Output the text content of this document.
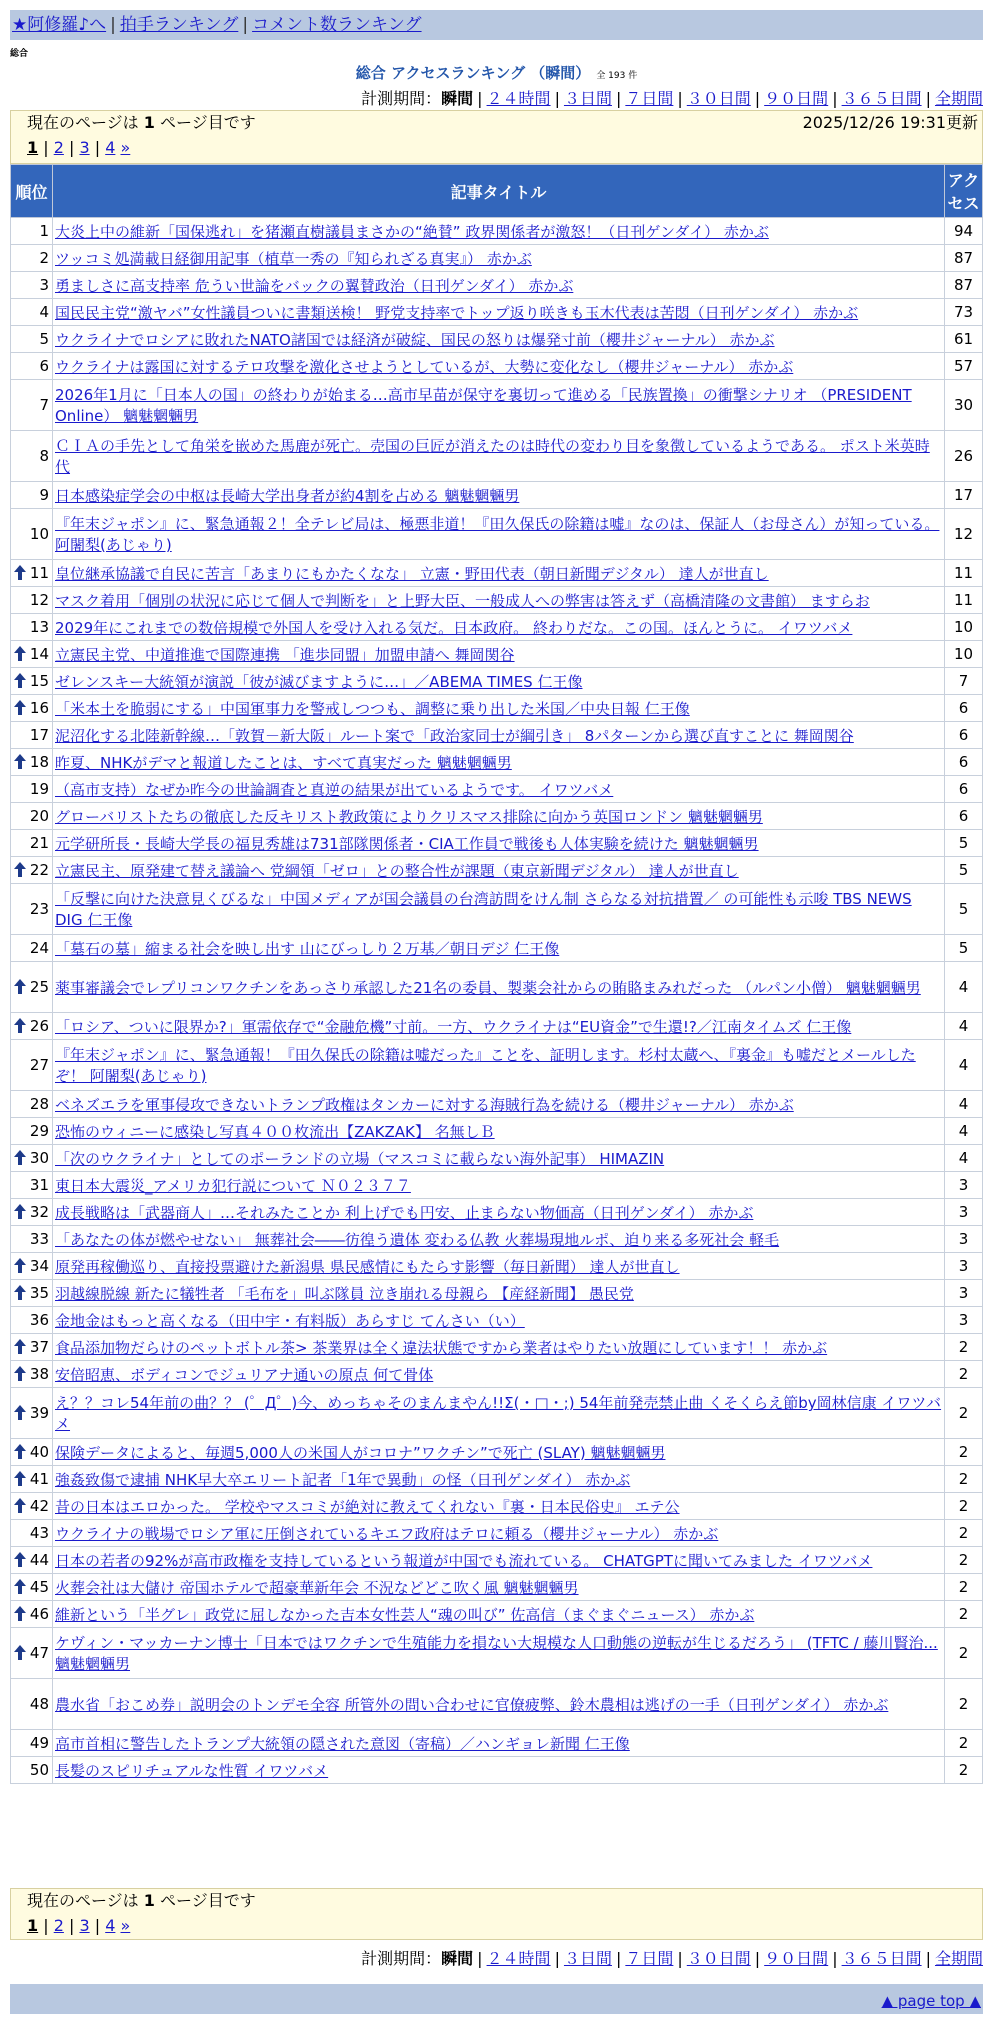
★阿修羅♪へ | 拍手ランキング | コメント数ランキング
総合
総合 アクセスランキング （瞬間） 全 193 件
計測期間：瞬間 | ２４時間 | ３日間 | ７日間 | ３０日間 | ９０日間 | ３６５日間 | 全期間
現在のページは 1 ページ目です	2025/12/26 19:31更新
1 | 2 | 3 | 4 »
順位	記事タイトル	アクセス
1	大炎上中の維新「国保逃れ」を猪瀬直樹議員まさかの“絶賛” 政界関係者が激怒！（日刊ゲンダイ） 赤かぶ	94
2	ツッコミ処満載日経御用記事（植草一秀の『知られざる真実』） 赤かぶ	87
3	勇ましさに高支持率 危うい世論をバックの翼賛政治（日刊ゲンダイ） 赤かぶ	87
4	国民民主党“激ヤバ”女性議員ついに書類送検！ 野党支持率でトップ返り咲きも玉木代表は苦悶（日刊ゲンダイ） 赤かぶ	73
5	ウクライナでロシアに敗れたNATO諸国では経済が破綻、国民の怒りは爆発寸前（櫻井ジャーナル） 赤かぶ	61
6	ウクライナは露国に対するテロ攻撃を激化させようとしているが、大勢に変化なし（櫻井ジャーナル） 赤かぶ	57
7	2026年1月に「日本人の国」の終わりが始まる…高市早苗が保守を裏切って進める「民族置換」の衝撃シナリオ （PRESIDENT Online） 魑魅魍魎男	30
8	ＣＩＡの手先として角栄を嵌めた馬鹿が死亡。売国の巨匠が消えたのは時代の変わり目を象徴しているようである。 ポスト米英時代	26
9	日本感染症学会の中枢は長崎大学出身者が約4割を占める 魑魅魍魎男	17
10	『年末ジャポン』に、緊急通報２！全テレビ局は、極悪非道！『田久保氏の除籍は嘘』なのは、保証人（お母さん）が知っている。 阿闍梨(あじゃり)	12

11	皇位継承協議で自民に苦言「あまりにもかたくなな」 立憲・野田代表（朝日新聞デジタル） 達人が世直し	11
12	マスク着用「個別の状況に応じて個人で判断を」と上野大臣、一般成人への弊害は答えず（高橋清隆の文書館） ますらお	11
13	2029年にこれまでの数倍規模で外国人を受け入れる気だ。日本政府。 終わりだな。この国。ほんとうに。 イワツバメ	10

14	立憲民主党、中道推進で国際連携 「進歩同盟」加盟申請へ 舞岡関谷	10

15	ゼレンスキー大統領が演説「彼が滅びますように…」／ABEMA TIMES 仁王像	7

16	「米本土を脆弱にする」中国軍事力を警戒しつつも、調整に乗り出した米国／中央日報 仁王像	6
17	泥沼化する北陸新幹線…「敦賀－新大阪」ルート案で「政治家同士が綱引き」 8パターンから選び直すことに 舞岡関谷	6

18	昨夏、NHKがデマと報道したことは、すべて真実だった 魑魅魍魎男	6
19	（高市支持）なぜか昨今の世論調査と真逆の結果が出ているようです。 イワツバメ	6
20	グローバリストたちの徹底した反キリスト教政策によりクリスマス排除に向かう英国ロンドン 魑魅魍魎男	6
21	元学研所長・長崎大学長の福見秀雄は731部隊関係者・CIA工作員で戦後も人体実験を続けた 魑魅魍魎男	5

22	立憲民主、原発建て替え議論へ 党綱領「ゼロ」との整合性が課題（東京新聞デジタル） 達人が世直し	5
23	「反撃に向けた決意見くびるな」中国メディアが国会議員の台湾訪問をけん制 さらなる対抗措置／ の可能性も示唆 TBS NEWS DIG 仁王像	5
24	「墓石の墓」縮まる社会を映し出す 山にびっしり２万基／朝日デジ 仁王像	5

25	薬事審議会でレプリコンワクチンをあっさり承認した21名の委員、製薬会社からの賄賂まみれだった （ルパン小僧） 魑魅魍魎男	4

26	「ロシア、ついに限界か?」軍需依存で“金融危機”寸前。一方、ウクライナは“EU資金”で生還!?／江南タイムズ 仁王像	4
27	『年末ジャポン』に、緊急通報！『田久保氏の除籍は嘘だった』ことを、証明します。杉村太蔵へ、『裏金』も嘘だとメールしたぞ！ 阿闍梨(あじゃり)	4
28	ベネズエラを軍事侵攻できないトランプ政権はタンカーに対する海賊行為を続ける（櫻井ジャーナル） 赤かぶ	4
29	恐怖のウィニーに感染し写真４００枚流出【ZAKZAK】 名無しＢ	4

30	「次のウクライナ」としてのポーランドの立場（マスコミに載らない海外記事） HIMAZIN	4
31	東日本大震災_アメリカ犯行説について Ｎ０２３７７	3

32	成長戦略は「武器商人」…それみたことか 利上げでも円安、止まらない物価高（日刊ゲンダイ） 赤かぶ	3
33	「あなたの体が燃やせない」 無葬社会――彷徨う遺体 変わる仏教 火葬場現地ルポ、迫り来る多死社会 軽毛	3

34	原発再稼働巡り、直接投票避けた新潟県 県民感情にもたらす影響（毎日新聞） 達人が世直し	3

35	羽越線脱線 新たに犠牲者 「毛布を」叫ぶ隊員 泣き崩れる母親ら 【産経新聞】 愚民党	3
36	金地金はもっと高くなる（田中宇・有料版）あらすじ てんさい（い）	3

37	食品添加物だらけのペットボトル茶> 茶業界は全く違法状態ですから業者はやりたい放題にしています！！ 赤かぶ	2

38	安倍昭恵、ボディコンでジュリアナ通いの原点 何て骨体	2

39	え？？コレ54年前の曲？？ (゜Д゜)今、めっちゃそのまんまやん!!Σ(・□・;) 54年前発売禁止曲 くそくらえ節by岡林信康 イワツバメ	2

40	保険データによると、毎週5,000人の米国人がコロナ”ワクチン”で死亡 (SLAY) 魑魅魍魎男	2

41	強姦致傷で逮捕 NHK早大卒エリート記者「1年で異動」の怪（日刊ゲンダイ） 赤かぶ	2

42	昔の日本はエロかった。 学校やマスコミが絶対に教えてくれない『裏・日本民俗史』 エテ公	2
43	ウクライナの戦場でロシア軍に圧倒されているキエフ政府はテロに頼る（櫻井ジャーナル） 赤かぶ	2

44	日本の若者の92%が高市政権を支持しているという報道が中国でも流れている。 CHATGPTに聞いてみました イワツバメ	2

45	火葬会社は大儲け 帝国ホテルで超豪華新年会 不況などどこ吹く風 魑魅魍魎男	2

46	維新という「半グレ」政党に屈しなかった吉本女性芸人“魂の叫び” 佐高信（まぐまぐニュース） 赤かぶ	2

47	ケヴィン・マッカーナン博士「日本ではワクチンで生殖能力を損ない大規模な人口動態の逆転が生じるだろう」 (TFTC / 藤川賢治... 魑魅魍魎男	2
48	農水省「おこめ券」説明会のトンデモ全容 所管外の問い合わせに官僚疲弊、鈴木農相は逃げの一手（日刊ゲンダイ） 赤かぶ	2
49	高市首相に警告したトランプ大統領の隠された意図（寄稿）／ハンギョレ新聞 仁王像	2
50	長髪のスピリチュアルな性質 イワツバメ	2
現在のページは 1 ページ目です
1 | 2 | 3 | 4 »
計測期間：瞬間 | ２４時間 | ３日間 | ７日間 | ３０日間 | ９０日間 | ３６５日間 | 全期間
▲ page top ▲
